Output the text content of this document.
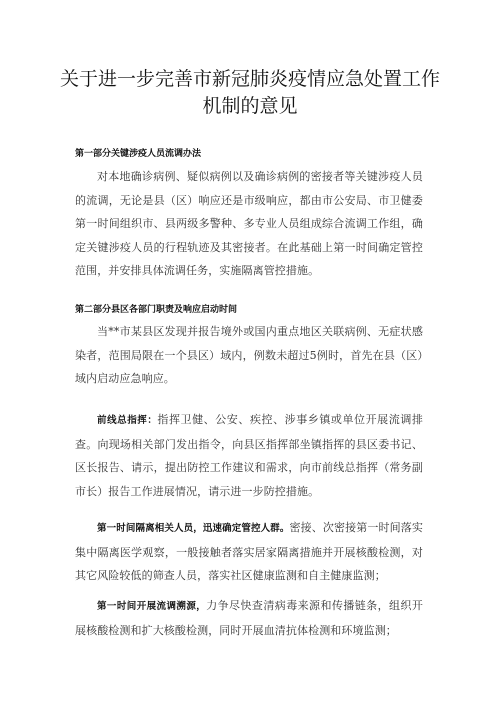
关于进一步完善市新冠肺炎疫情应急处置工作机制的意见
第一部分关键涉疫人员流调办法

对本地确诊病例、疑似病例以及确诊病例的密接者等关键涉疫人员的流调，无论是县（区）响应还是市级响应，都由市公安局、市卫健委第一时间组织市、县两级多警种、多专业人员组成综合流调工作组，确定关键涉疫人员的行程轨迹及其密接者。在此基础上第一时间确定管控范围，并安排具体流调任务，实施隔离管控措施。

第二部分县区各部门职责及响应启动时间

当**市某县区发现并报告境外或国内重点地区关联病例、无症状感染者，范围局限在一个县区）域内，例数未超过5例时，首先在县（区）域内启动应急响应。

前线总指挥：指挥卫健、公安、疾控、涉事乡镇或单位开展流调排查。向现场相关部门发出指令，向县区指挥部坐镇指挥的县区委书记、区长报告、请示，提出防控工作建议和需求，向市前线总指挥（常务副市长）报告工作进展情况，请示进一步防控措施。

第一时间隔离相关人员，迅速确定管控人群。密接、次密接第一时间落实集中隔离医学观察，一般接触者落实居家隔离措施并开展核酸检测，对其它风险较低的筛查人员，落实社区健康监测和自主健康监测；

第一时间开展流调溯源，力争尽快查清病毒来源和传播链条，组织开展核酸检测和扩大核酸检测，同时开展血清抗体检测和环境监测；
